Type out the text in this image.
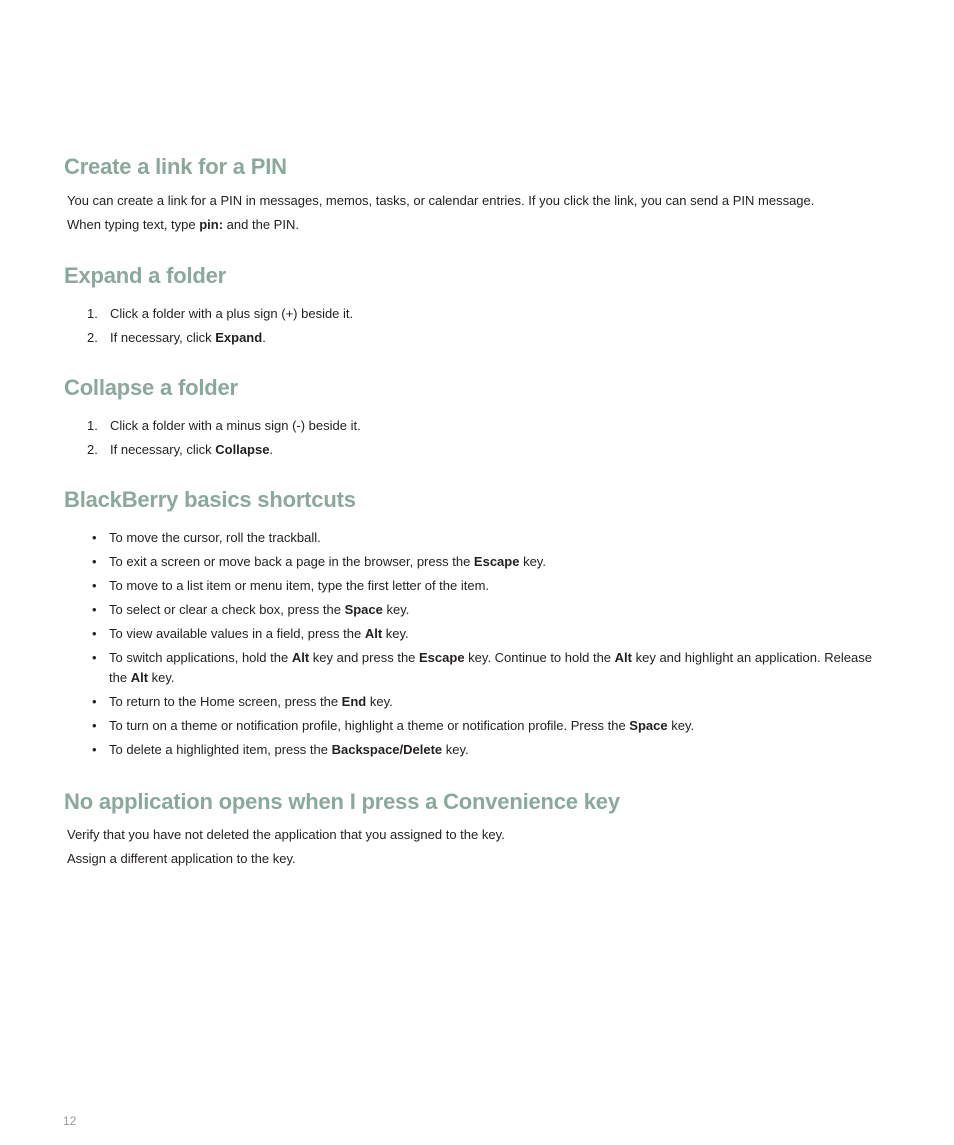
Create a link for a PIN

You can create a link for a PIN in messages, memos, tasks, or calendar entries. If you click the link, you can send a PIN message.

When typing text, type pin: and the PIN.

Expand a folder
1. Click a folder with a plus sign (+) beside it.
2. If necessary, click Expand.
Collapse a folder
1. Click a folder with a minus sign (-) beside it.
2. If necessary, click Collapse.
BlackBerry basics shortcuts
• To move the cursor, roll the trackball.
• To exit a screen or move back a page in the browser, press the Escape key.
• To move to a list item or menu item, type the first letter of the item.
• To select or clear a check box, press the Space key.
• To view available values in a field, press the Alt key.
• To switch applications, hold the Alt key and press the Escape key. Continue to hold the Alt key and highlight an application. Release the Alt key.
• To return to the Home screen, press the End key.
• To turn on a theme or notification profile, highlight a theme or notification profile. Press the Space key.
• To delete a highlighted item, press the Backspace/Delete key.
No application opens when I press a Convenience key

Verify that you have not deleted the application that you assigned to the key.

Assign a different application to the key.

12
